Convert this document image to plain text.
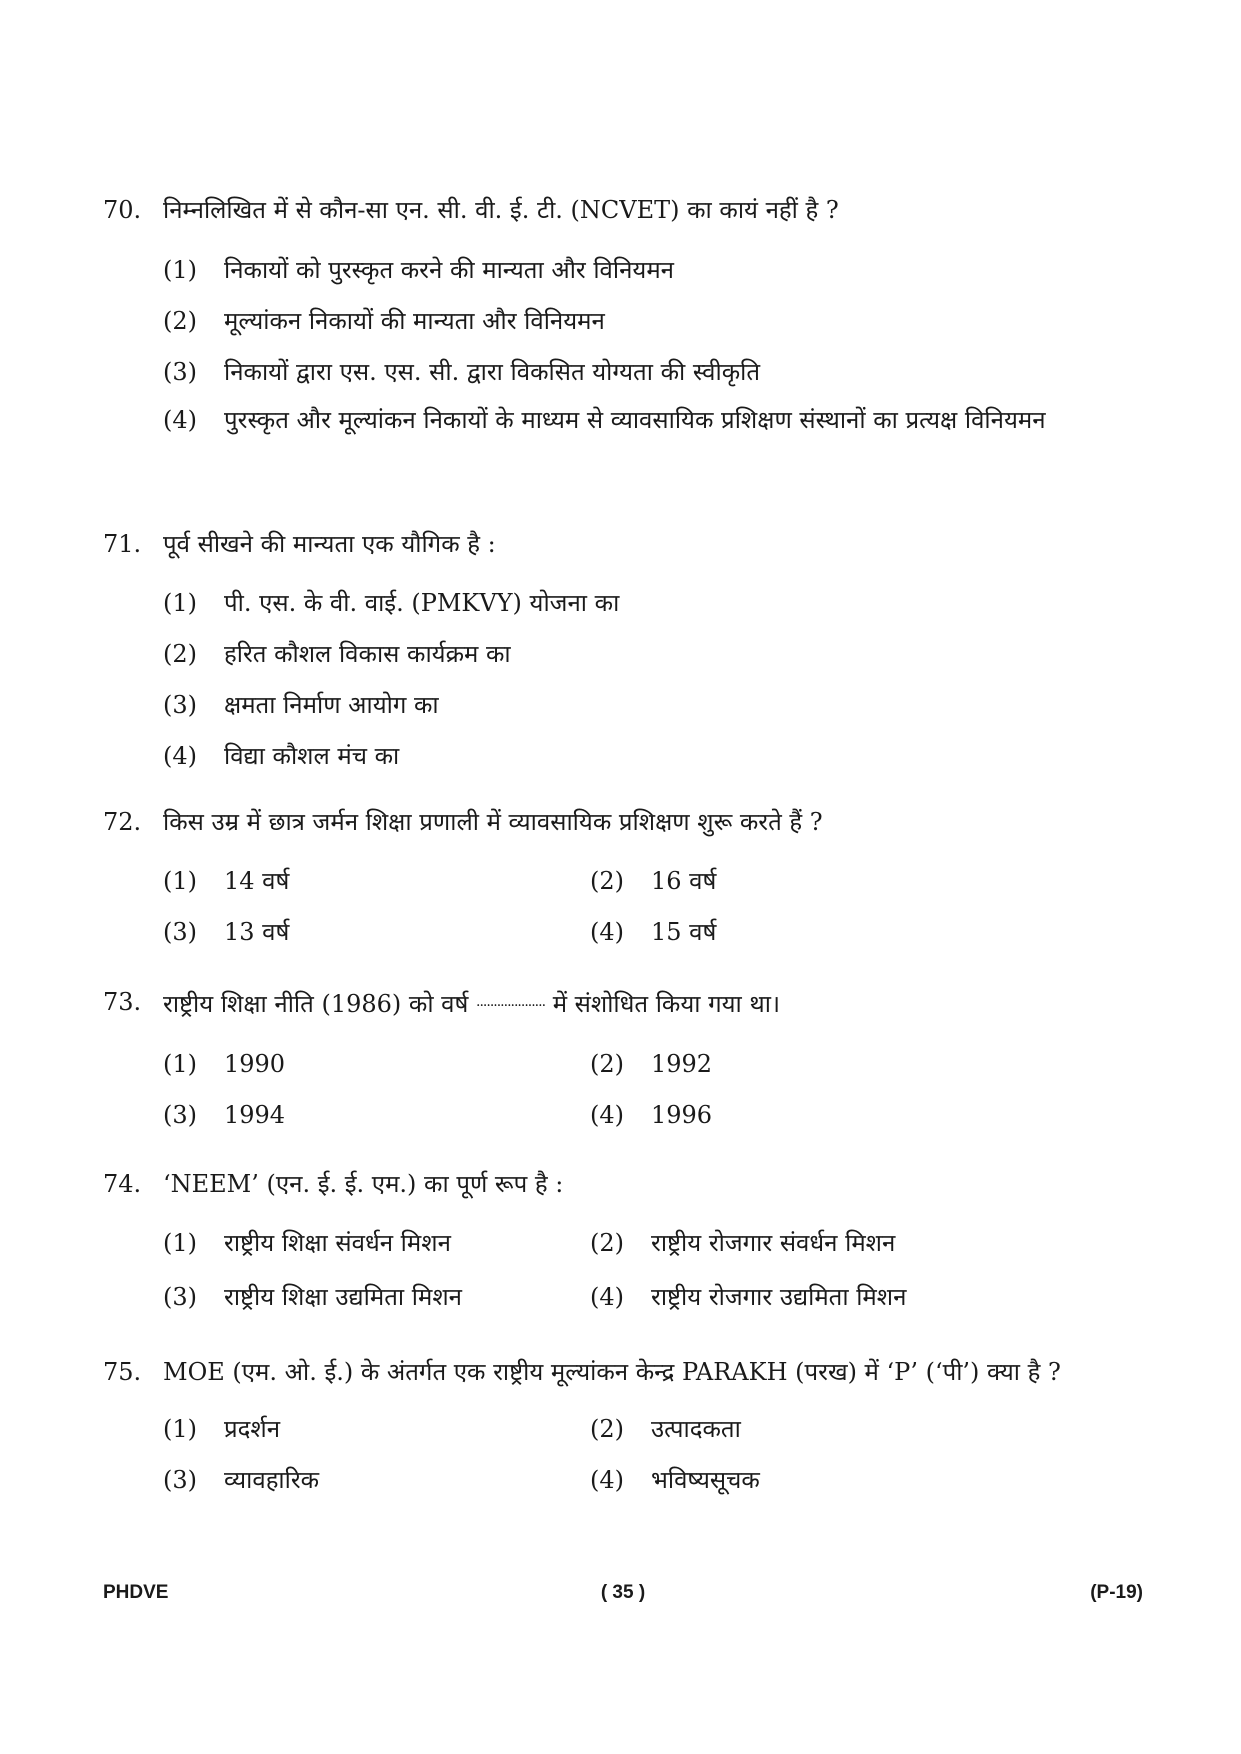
70. निम्नलिखित में से कौन-सा एन. सी. वी. ई. टी. (NCVET) का कायं नहीं है ?
(1)	निकायों को पुरस्कृत करने की मान्यता और विनियमन
(2)	मूल्यांकन निकायों की मान्यता और विनियमन
(3)	निकायों द्वारा एस. एस. सी. द्वारा विकसित योग्यता की स्वीकृति
(4)	पुरस्कृत और मूल्यांकन निकायों के माध्यम से व्यावसायिक प्रशिक्षण संस्थानों का प्रत्यक्ष विनियमन
71. पूर्व सीखने की मान्यता एक यौगिक है :
(1)	पी. एस. के वी. वाई. (PMKVY) योजना का
(2)	हरित कौशल विकास कार्यक्रम का
(3)	क्षमता निर्माण आयोग का
(4)	विद्या कौशल मंच का
72. किस उम्र में छात्र जर्मन शिक्षा प्रणाली में व्यावसायिक प्रशिक्षण शुरू करते हैं ?
(1)	14 वर्ष	(2)	16 वर्ष
(3)	13 वर्ष	(4)	15 वर्ष
73. राष्ट्रीय शिक्षा नीति (1986) को वर्ष .................... में संशोधित किया गया था।
(1)	1990	(2)	1992
(3)	1994	(4)	1996
74. ‘NEEM’ (एन. ई. ई. एम.) का पूर्ण रूप है :
(1)	राष्ट्रीय शिक्षा संवर्धन मिशन	(2)	राष्ट्रीय रोजगार संवर्धन मिशन
(3)	राष्ट्रीय शिक्षा उद्यमिता मिशन	(4)	राष्ट्रीय रोजगार उद्यमिता मिशन
75. MOE (एम. ओ. ई.) के अंतर्गत एक राष्ट्रीय मूल्यांकन केन्द्र PARAKH (परख) में ‘P’ (‘पी’) क्या है ?
(1)	प्रदर्शन	(2)	उत्पादकता
(3)	व्यावहारिक	(4)	भविष्यसूचक
PHDVE	( 35 )	(P-19)
